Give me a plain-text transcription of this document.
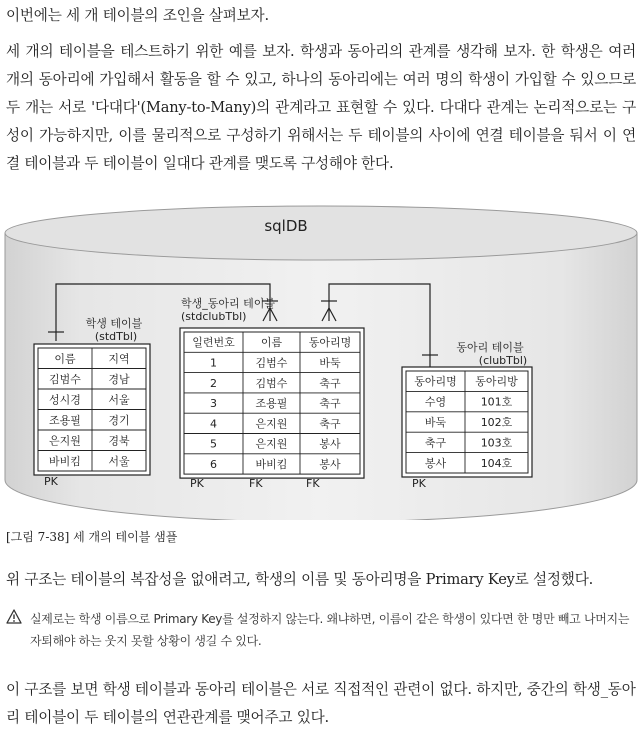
이번에는 세 개 테이블의 조인을 살펴보자.
세 개의 테이블을 테스트하기 위한 예를 보자. 학생과 동아리의 관계를 생각해 보자. 한 학생은 여러 개의 동아리에 가입해서 활동을 할 수 있고, 하나의 동아리에는 여러 명의 학생이 가입할 수 있으므로 두 개는 서로 '다대다'(Many-to-Many)의 관계라고 표현할 수 있다. 다대다 관계는 논리적으로는 구성이 가능하지만, 이를 물리적으로 구성하기 위해서는 두 테이블의 사이에 연결 테이블을 둬서 이 연결 테이블과 두 테이블이 일대다 관계를 맺도록 구성해야 한다.
sqlDB
학생 테이블
(stdTbl)
학생_동아리 테이블
(stdclubTbl)
동아리 테이블
(clubTbl)
이름	지역
김범수 경남
성시경 서울
조용필 경기
은지원 경북
바비킴 서울
PK
일련번호 이름 동아리명
1	김범수	바둑
2	김범수	축구
3	조용필	축구
4	은지원	축구
5	은지원	봉사
6	바비킴	봉사
PK	FK	FK
동아리명 동아리방
수영	101호
바둑	102호
축구	103호
봉사	104호
PK
[그림 7-38] 세 개의 테이블 샘플
위 구조는 테이블의 복잡성을 없애려고, 학생의 이름 및 동아리명을 Primary Key로 설정했다.
실제로는 학생 이름으로 Primary Key를 설정하지 않는다. 왜냐하면, 이름이 같은 학생이 있다면 한 명만 빼고 나머지는 자퇴해야 하는 웃지 못할 상황이 생길 수 있다.
이 구조를 보면 학생 테이블과 동아리 테이블은 서로 직접적인 관련이 없다. 하지만, 중간의 학생_동아리 테이블이 두 테이블의 연관관계를 맺어주고 있다.
